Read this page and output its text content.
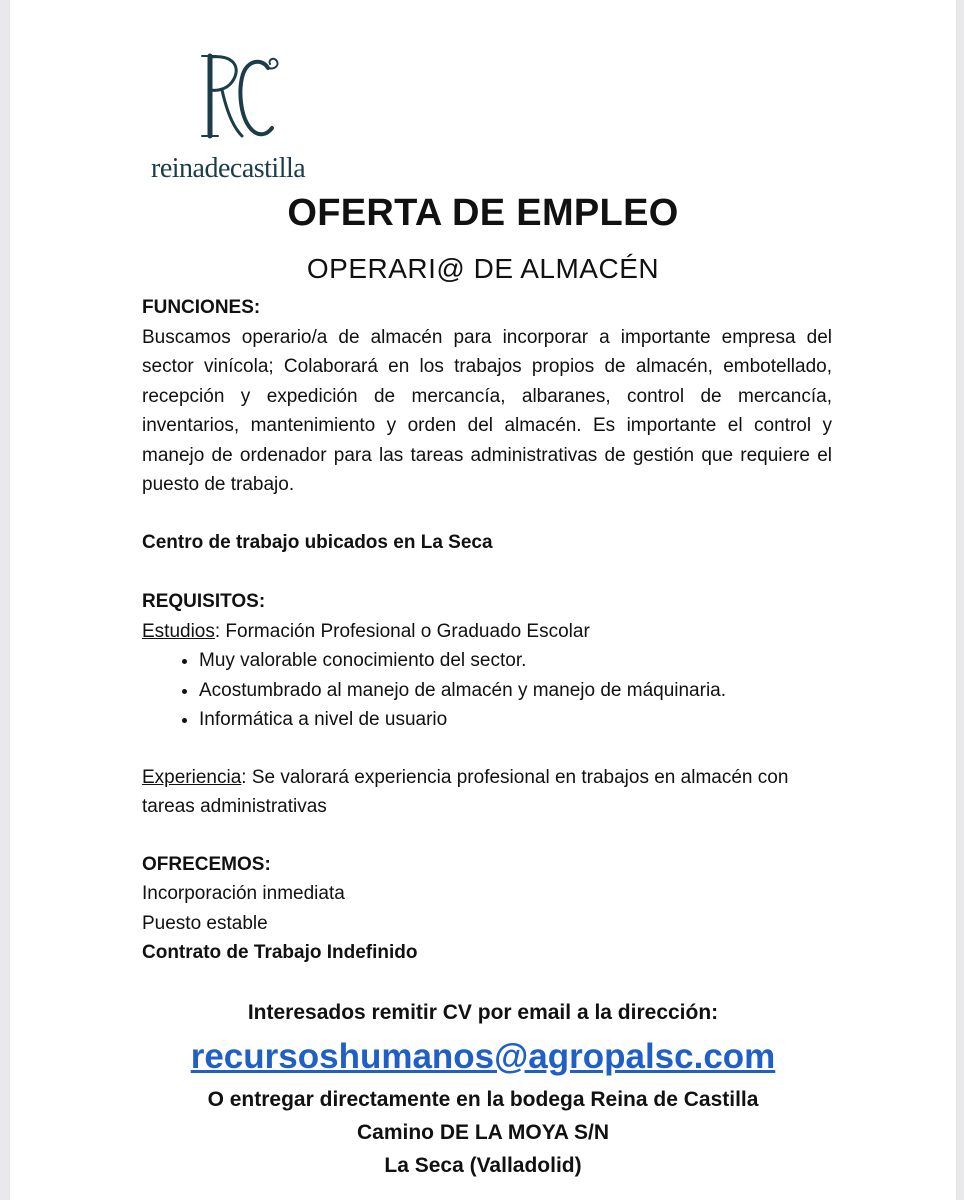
reinadecastilla
OFERTA DE EMPLEO
OPERARI@ DE ALMACÉN

FUNCIONES:

Buscamos operario/a de almacén para incorporar a importante empresa del sector vinícola; Colaborará en los trabajos propios de almacén, embotellado, recepción y expedición de mercancía, albaranes, control de mercancía, inventarios, mantenimiento y orden del almacén. Es importante el control y manejo de ordenador para las tareas administrativas de gestión que requiere el puesto de trabajo.

Centro de trabajo ubicados en La Seca

REQUISITOS:

Estudios: Formación Profesional o Graduado Escolar

• Muy valorable conocimiento del sector.
• Acostumbrado al manejo de almacén y manejo de máquinaria.
• Informática a nivel de usuario

Experiencia: Se valorará experiencia profesional en trabajos en almacén con tareas administrativas

OFRECEMOS:

Incorporación inmediata

Puesto estable

Contrato de Trabajo Indefinido

Interesados remitir CV por email a la dirección:
recursoshumanos@agropalsc.com
O entregar directamente en la bodega Reina de Castilla
Camino DE LA MOYA S/N
La Seca (Valladolid)
